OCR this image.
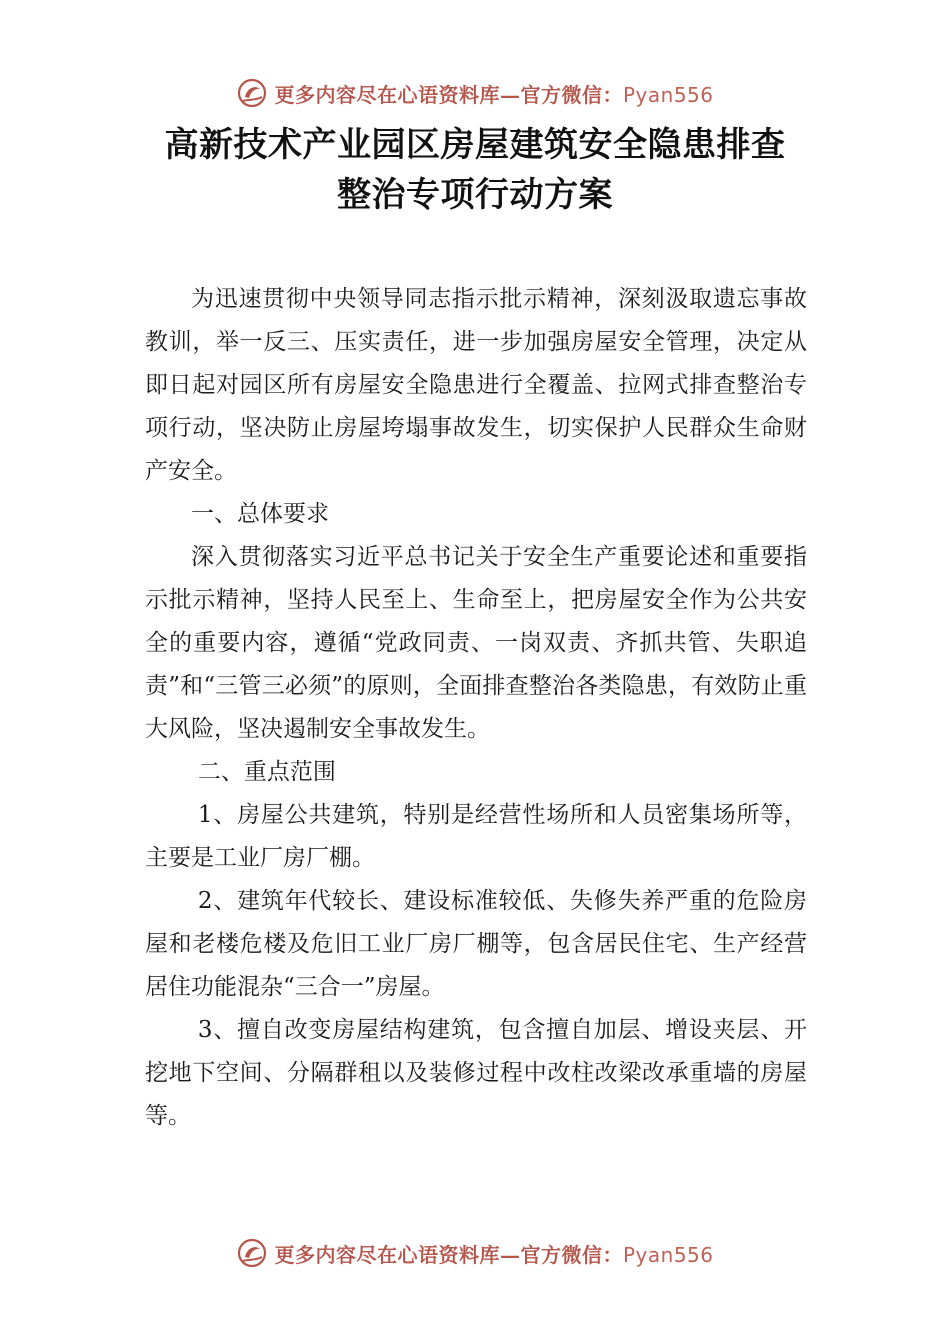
更多内容尽在心语资料库—官方微信：Pyan556
高新技术产业园区房屋建筑安全隐患排查
整治专项行动方案

为迅速贯彻中央领导同志指示批示精神，深刻汲取遗忘事故教训，举一反三、压实责任，进一步加强房屋安全管理，决定从即日起对园区所有房屋安全隐患进行全覆盖、拉网式排查整治专项行动，坚决防止房屋垮塌事故发生，切实保护人民群众生命财产安全。

一、总体要求

深入贯彻落实习近平总书记关于安全生产重要论述和重要指示批示精神，坚持人民至上、生命至上，把房屋安全作为公共安全的重要内容，遵循“党政同责、一岗双责、齐抓共管、失职追责”和“三管三必须”的原则，全面排查整治各类隐患，有效防止重大风险，坚决遏制安全事故发生。

二、重点范围

1、房屋公共建筑，特别是经营性场所和人员密集场所等，主要是工业厂房厂棚。

2、建筑年代较长、建设标准较低、失修失养严重的危险房屋和老楼危楼及危旧工业厂房厂棚等，包含居民住宅、生产经营居住功能混杂“三合一”房屋。

3、擅自改变房屋结构建筑，包含擅自加层、增设夹层、开挖地下空间、分隔群租以及装修过程中改柱改梁改承重墙的房屋等。

更多内容尽在心语资料库—官方微信：Pyan556
